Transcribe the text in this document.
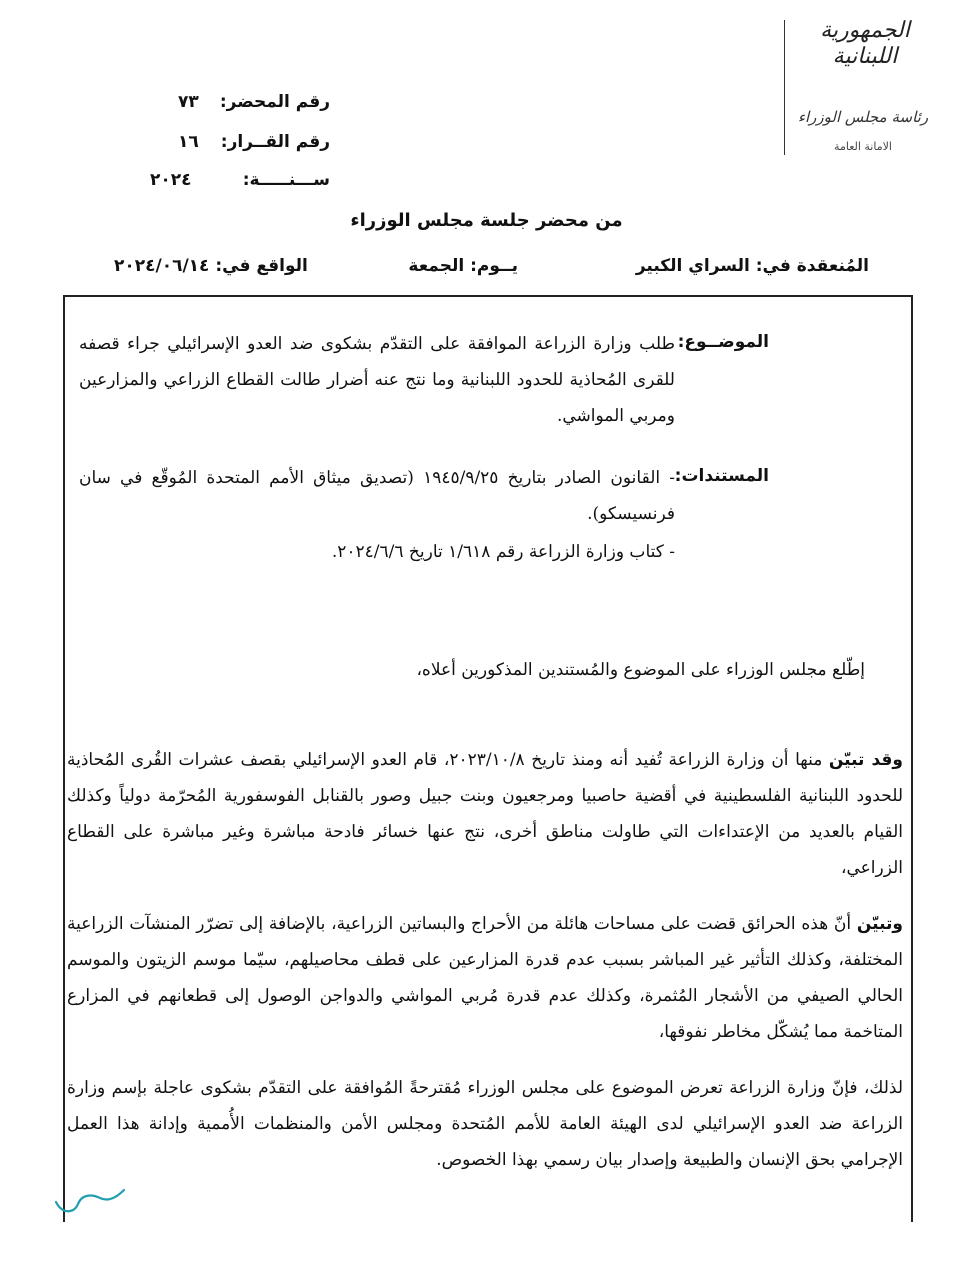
الجمهورية
اللبنانية
رئاسة مجلس الوزراء
الامانة العامة
رقم المحضر:
٧٣
رقم القــرار:
١٦
ســـنـــــة:
٢٠٢٤
من محضر جلسة مجلس الوزراء
المُنعقدة في: السراي الكبير
يــوم: الجمعة
الواقع في: ٢٠٢٤/٠٦/١٤
الموضــوع:
طلب وزارة الزراعة الموافقة على التقدّم بشكوى ضد العدو الإسرائيلي جراء قصفه للقرى المُحاذية للحدود اللبنانية وما نتج عنه أضرار طالت القطاع الزراعي والمزارعين ومربي المواشي.
المستندات:
- القانون الصادر بتاريخ ١٩٤٥/٩/٢٥ (تصديق ميثاق الأمم المتحدة المُوقّع في سان فرنسيسكو).
- كتاب وزارة الزراعة رقم ١/٦١٨ تاريخ ٢٠٢٤/٦/٦.
إطّلع مجلس الوزراء على الموضوع والمُستندين المذكورين أعلاه،
وقد تبيّن منها أن وزارة الزراعة تُفيد أنه ومنذ تاريخ ٢٠٢٣/١٠/٨، قام العدو الإسرائيلي بقصف عشرات القُرى المُحاذية للحدود اللبنانية الفلسطينية في أقضية حاصبيا ومرجعيون وبنت جبيل وصور بالقنابل الفوسفورية المُحرّمة دولياً وكذلك القيام بالعديد من الإعتداءات التي طاولت مناطق أخرى، نتج عنها خسائر فادحة مباشرة وغير مباشرة على القطاع الزراعي،
وتبيّن أنّ هذه الحرائق قضت على مساحات هائلة من الأحراج والبساتين الزراعية، بالإضافة إلى تضرّر المنشآت الزراعية المختلفة، وكذلك التأثير غير المباشر بسبب عدم قدرة المزارعين على قطف محاصيلهم، سيّما موسم الزيتون والموسم الحالي الصيفي من الأشجار المُثمرة، وكذلك عدم قدرة مُربي المواشي والدواجن الوصول إلى قطعانهم في المزارع المتاخمة مما يُشكّل مخاطر نفوقها،
لذلك، فإنّ وزارة الزراعة تعرض الموضوع على مجلس الوزراء مُقترحةً المُوافقة على التقدّم بشكوى عاجلة بإسم وزارة الزراعة ضد العدو الإسرائيلي لدى الهيئة العامة للأمم المُتحدة ومجلس الأمن والمنظمات الأُممية وإدانة هذا العمل الإجرامي بحق الإنسان والطبيعة وإصدار بيان رسمي بهذا الخصوص.
